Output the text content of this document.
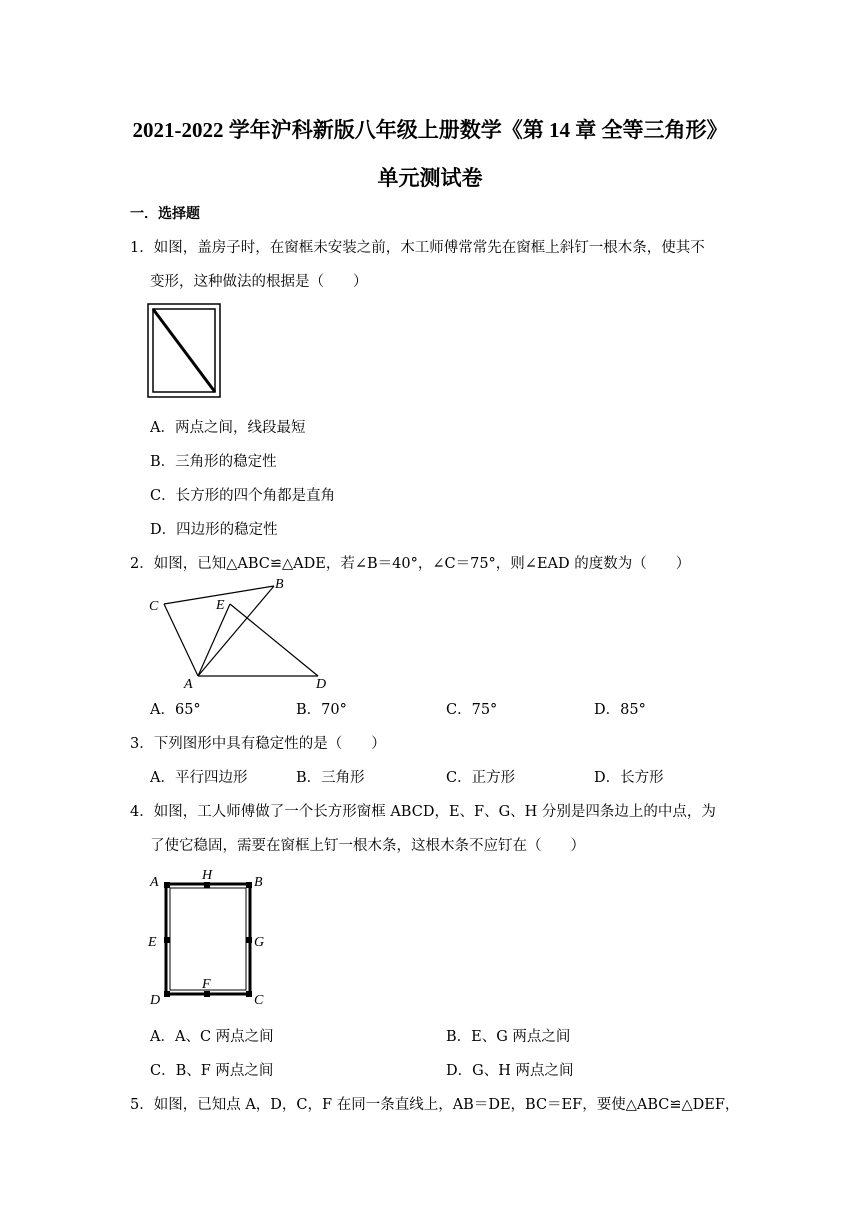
2021-2022 学年沪科新版八年级上册数学《第 14 章 全等三角形》
单元测试卷
一．选择题
1．如图，盖房子时，在窗框未安装之前，木工师傅常常先在窗框上斜钉一根木条，使其不
变形，这种做法的根据是（　　）
A．两点之间，线段最短
B．三角形的稳定性
C．长方形的四个角都是直角
D．四边形的稳定性
2．如图，已知△ABC≌△ADE，若∠B＝40°，∠C＝75°，则∠EAD 的度数为（　　）
C	E
B
A	D
A．65°	B．70°	C．75°	D．85°
3．下列图形中具有稳定性的是（　　）
A．平行四边形	B．三角形	C．正方形	D．长方形
4．如图，工人师傅做了一个长方形窗框 ABCD，E、F、G、H 分别是四条边上的中点，为
了使它稳固，需要在窗框上钉一根木条，这根木条不应钉在（　　）
A	H	B
E	G
D
F
C
A．A、C 两点之间	B．E、G 两点之间
C．B、F 两点之间	D．G、H 两点之间
5．如图，已知点 A，D，C，F 在同一条直线上，AB＝DE，BC＝EF，要使△ABC≌△DEF，
